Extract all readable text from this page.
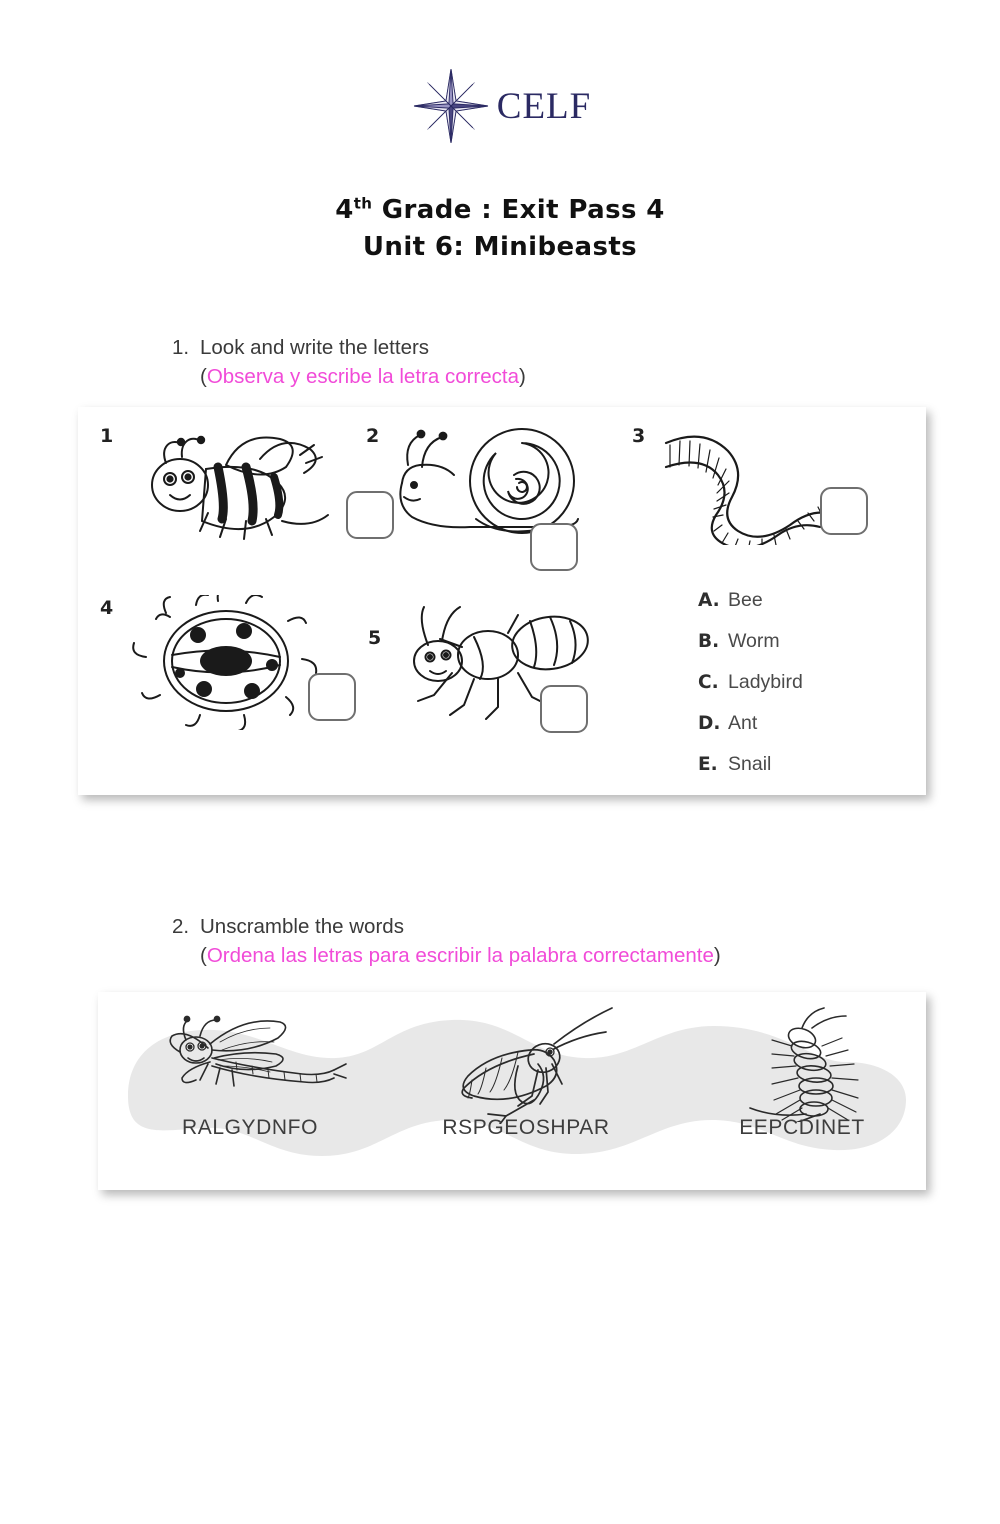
CELF
4th Grade : Exit Pass 4
Unit 6: Minibeasts
1. Look and write the letters
(Observa y escribe la letra correcta)
1	2	3
4
5
A. Bee
B. Worm
C. Ladybird
D. Ant
E. Snail
2. Unscramble the words
(Ordena las letras para escribir la palabra correctamente)
RALGYDNFO	RSPGEOSHPAR	EEPCDINET
